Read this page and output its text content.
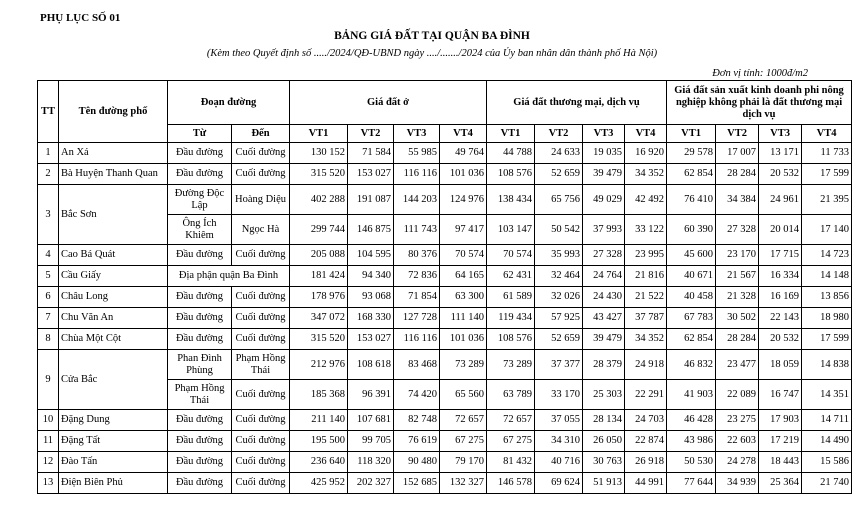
PHỤ LỤC SỐ 01
BẢNG GIÁ ĐẤT TẠI QUẬN BA ĐÌNH
(Kèm theo Quyết định số ...../2024/QĐ-UBND ngày ..../......./2024 của Ủy ban nhân dân thành phố Hà Nội)
Đơn vị tính: 1000đ/m2
TT	Tên đường phố	Đoạn đường		Giá đất ở				Giá đất thương mại, dịch vụ				Giá đất sản xuất kinh doanh phi nông nghiệp không phải là đất thương mại dịch vụ			
		Từ	Đến	VT1	VT2	VT3	VT4	VT1	VT2	VT3	VT4	VT1	VT2	VT3	VT4
1	An Xá	Đầu đường	Cuối đường	130 152	71 584	55 985	49 764	44 788	24 633	19 035	16 920	29 578	17 007	13 171	11 733
2	Bà Huyện Thanh Quan	Đầu đường	Cuối đường	315 520	153 027	116 116	101 036	108 576	52 659	39 479	34 352	62 854	28 284	20 532	17 599
3	Bắc Sơn	Đường Độc Lập	Hoàng Diệu	402 288	191 087	144 203	124 976	138 434	65 756	49 029	42 492	76 410	34 384	24 961	21 395
		Ông Ích Khiêm	Ngọc Hà	299 744	146 875	111 743	97 417	103 147	50 542	37 993	33 122	60 390	27 328	20 014	17 140
4	Cao Bá Quát	Đầu đường	Cuối đường	205 088	104 595	80 376	70 574	70 574	35 993	27 328	23 995	45 600	23 170	17 715	14 723
5	Cầu Giấy	Địa phận quận Ba Đình		181 424	94 340	72 836	64 165	62 431	32 464	24 764	21 816	40 671	21 567	16 334	14 148
6	Châu Long	Đầu đường	Cuối đường	178 976	93 068	71 854	63 300	61 589	32 026	24 430	21 522	40 458	21 328	16 169	13 856
7	Chu Văn An	Đầu đường	Cuối đường	347 072	168 330	127 728	111 140	119 434	57 925	43 427	37 787	67 783	30 502	22 143	18 980
8	Chùa Một Cột	Đầu đường	Cuối đường	315 520	153 027	116 116	101 036	108 576	52 659	39 479	34 352	62 854	28 284	20 532	17 599
9	Cửa Bắc	Phan Đình Phùng	Phạm Hồng Thái	212 976	108 618	83 468	73 289	73 289	37 377	28 379	24 918	46 832	23 477	18 059	14 838
		Phạm Hồng Thái	Cuối đường	185 368	96 391	74 420	65 560	63 789	33 170	25 303	22 291	41 903	22 089	16 747	14 351
10	Đặng Dung	Đầu đường	Cuối đường	211 140	107 681	82 748	72 657	72 657	37 055	28 134	24 703	46 428	23 275	17 903	14 711
11	Đặng Tất	Đầu đường	Cuối đường	195 500	99 705	76 619	67 275	67 275	34 310	26 050	22 874	43 986	22 603	17 219	14 490
12	Đào Tấn	Đầu đường	Cuối đường	236 640	118 320	90 480	79 170	81 432	40 716	30 763	26 918	50 530	24 278	18 443	15 586
13	Điện Biên Phủ	Đầu đường	Cuối đường	425 952	202 327	152 685	132 327	146 578	69 624	51 913	44 991	77 644	34 939	25 364	21 740
